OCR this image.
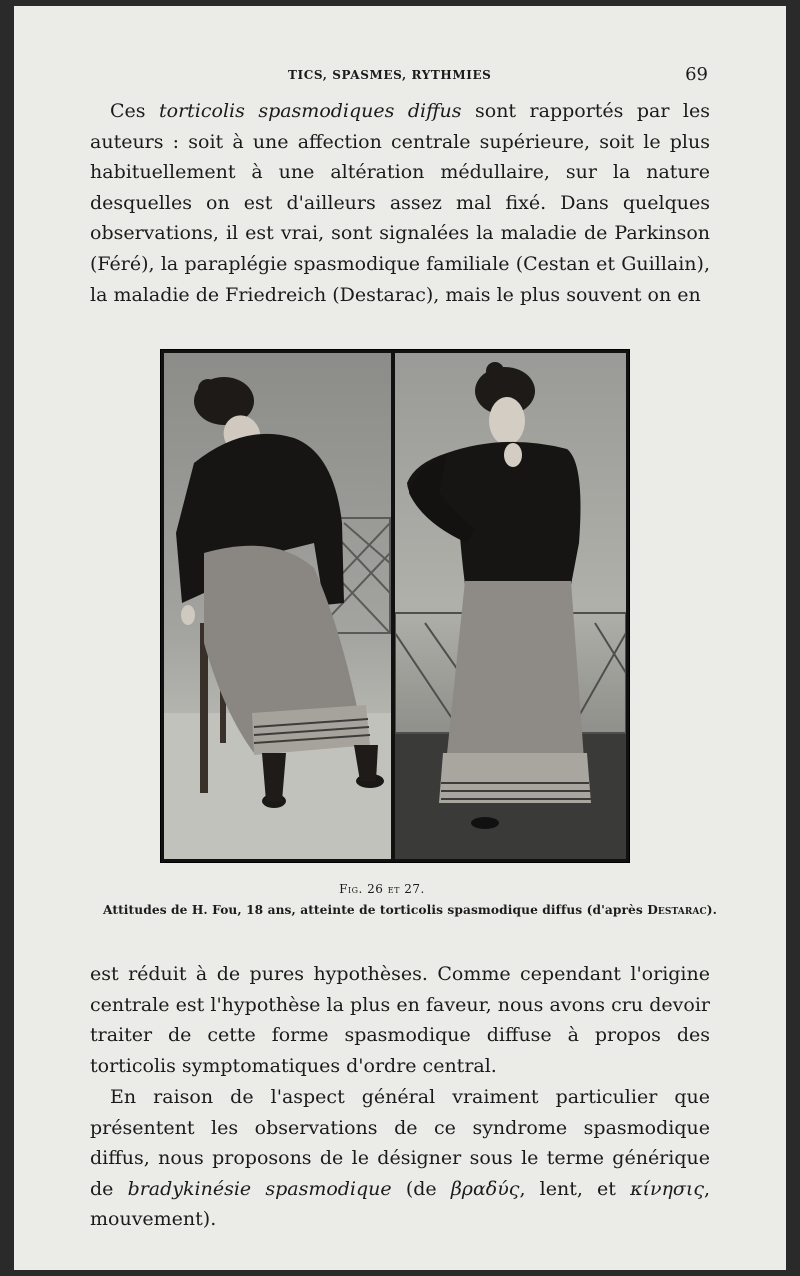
TICS, SPASMES, RYTHMIES	69

Ces torticolis spasmodiques diffus sont rapportés par les auteurs : soit à une affection centrale supérieure, soit le plus habituellement à une altération médullaire, sur la nature desquelles on est d'ailleurs assez mal fixé. Dans quelques observations, il est vrai, sont signalées la maladie de Parkinson (Féré), la paraplégie spasmodique familiale (Cestan et Guillain), la maladie de Friedreich (Destarac), mais le plus souvent on en

Fig. 26 et 27.
Attitudes de H. Fou, 18 ans, atteinte de torticolis spasmodique diffus (d'après Destarac).

est réduit à de pures hypothèses. Comme cependant l'origine centrale est l'hypothèse la plus en faveur, nous avons cru devoir traiter de cette forme spasmodique diffuse à propos des torticolis symptomatiques d'ordre central.

En raison de l'aspect général vraiment particulier que présentent les observations de ce syndrome spasmodique diffus, nous proposons de le désigner sous le terme générique de bradykinésie spasmodique (de βραδύς, lent, et κίνησις, mouvement).
